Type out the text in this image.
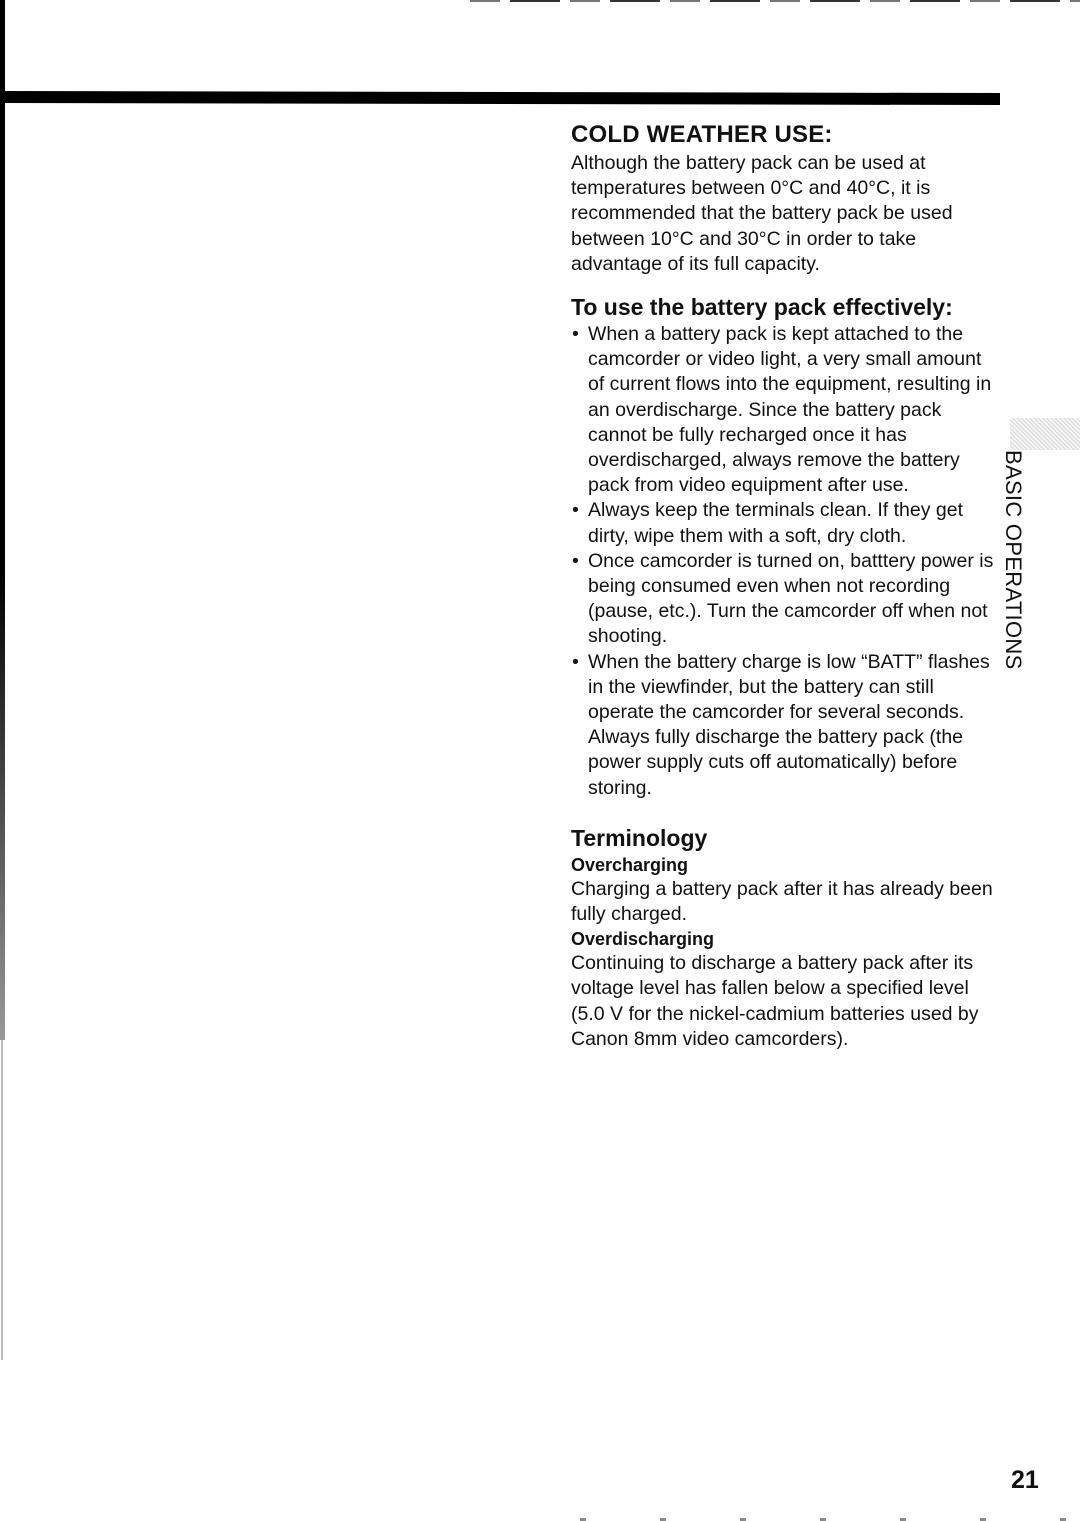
COLD WEATHER USE:

Although the battery pack can be used at temperatures between 0°C and 40°C, it is recommended that the battery pack be used between 10°C and 30°C in order to take advantage of its full capacity.

To use the battery pack effectively:
• When a battery pack is kept attached to the camcorder or video light, a very small amount of current flows into the equipment, resulting in an overdischarge. Since the battery pack cannot be fully recharged once it has overdischarged, always remove the battery pack from video equipment after use.
• Always keep the terminals clean. If they get dirty, wipe them with a soft, dry cloth.
• Once camcorder is turned on, batttery power is being consumed even when not recording (pause, etc.). Turn the camcorder off when not shooting.
• When the battery charge is low “BATT” flashes in the viewfinder, but the battery can still operate the camcorder for several seconds. Always fully discharge the battery pack (the power supply cuts off automatically) before storing.
Terminology
Overcharging

Charging a battery pack after it has already been fully charged.

Overdischarging

Continuing to discharge a battery pack after its voltage level has fallen below a specified level (5.0 V for the nickel-cadmium batteries used by Canon 8mm video camcorders).

BASIC OPERATIONS
21
